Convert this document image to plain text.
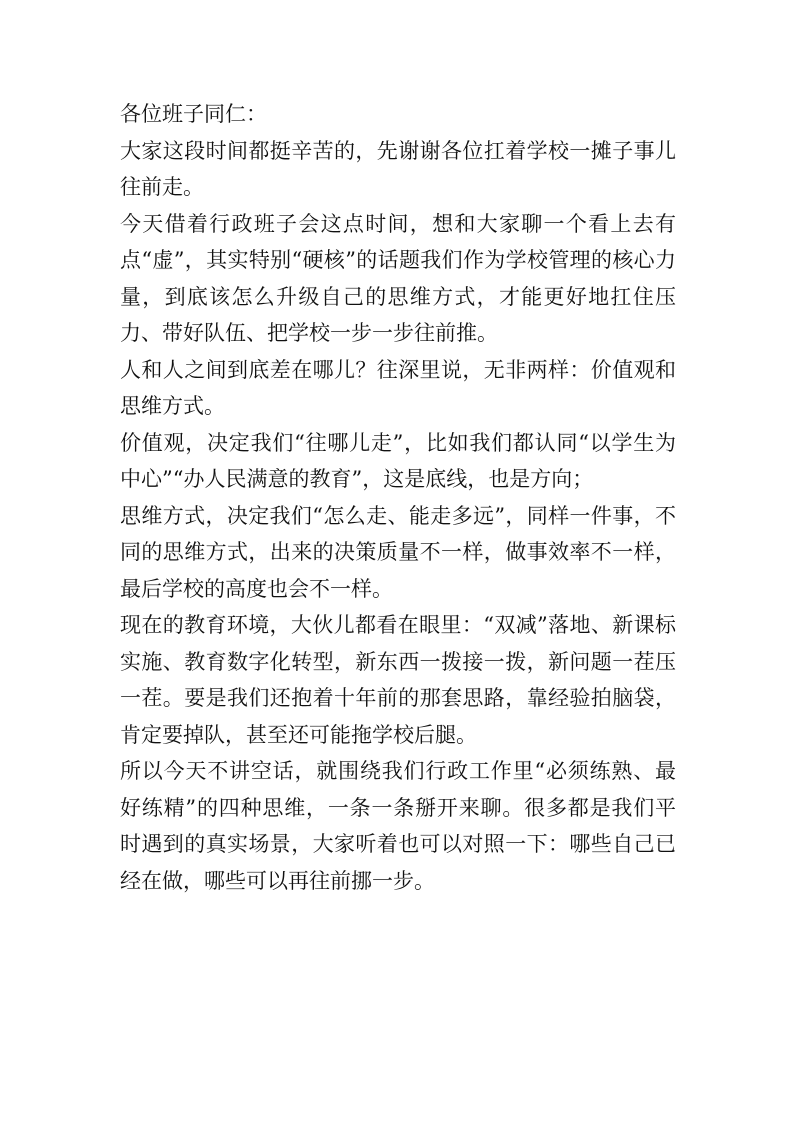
各位班子同仁：

大家这段时间都挺辛苦的，先谢谢各位扛着学校一摊子事儿往前走。

今天借着行政班子会这点时间，想和大家聊一个看上去有点“虚”，其实特别“硬核”的话题我们作为学校管理的核心力量，到底该怎么升级自己的思维方式，才能更好地扛住压力、带好队伍、把学校一步一步往前推。

人和人之间到底差在哪儿？往深里说，无非两样：价值观和思维方式。

价值观，决定我们“往哪儿走”，比如我们都认同“以学生为中心”“办人民满意的教育”，这是底线，也是方向；

思维方式，决定我们“怎么走、能走多远”，同样一件事，不同的思维方式，出来的决策质量不一样，做事效率不一样，最后学校的高度也会不一样。

现在的教育环境，大伙儿都看在眼里：“双减”落地、新课标实施、教育数字化转型，新东西一拨接一拨，新问题一茬压一茬。要是我们还抱着十年前的那套思路，靠经验拍脑袋，肯定要掉队，甚至还可能拖学校后腿。

所以今天不讲空话，就围绕我们行政工作里“必须练熟、最好练精”的四种思维，一条一条掰开来聊。很多都是我们平时遇到的真实场景，大家听着也可以对照一下：哪些自己已经在做，哪些可以再往前挪一步。
